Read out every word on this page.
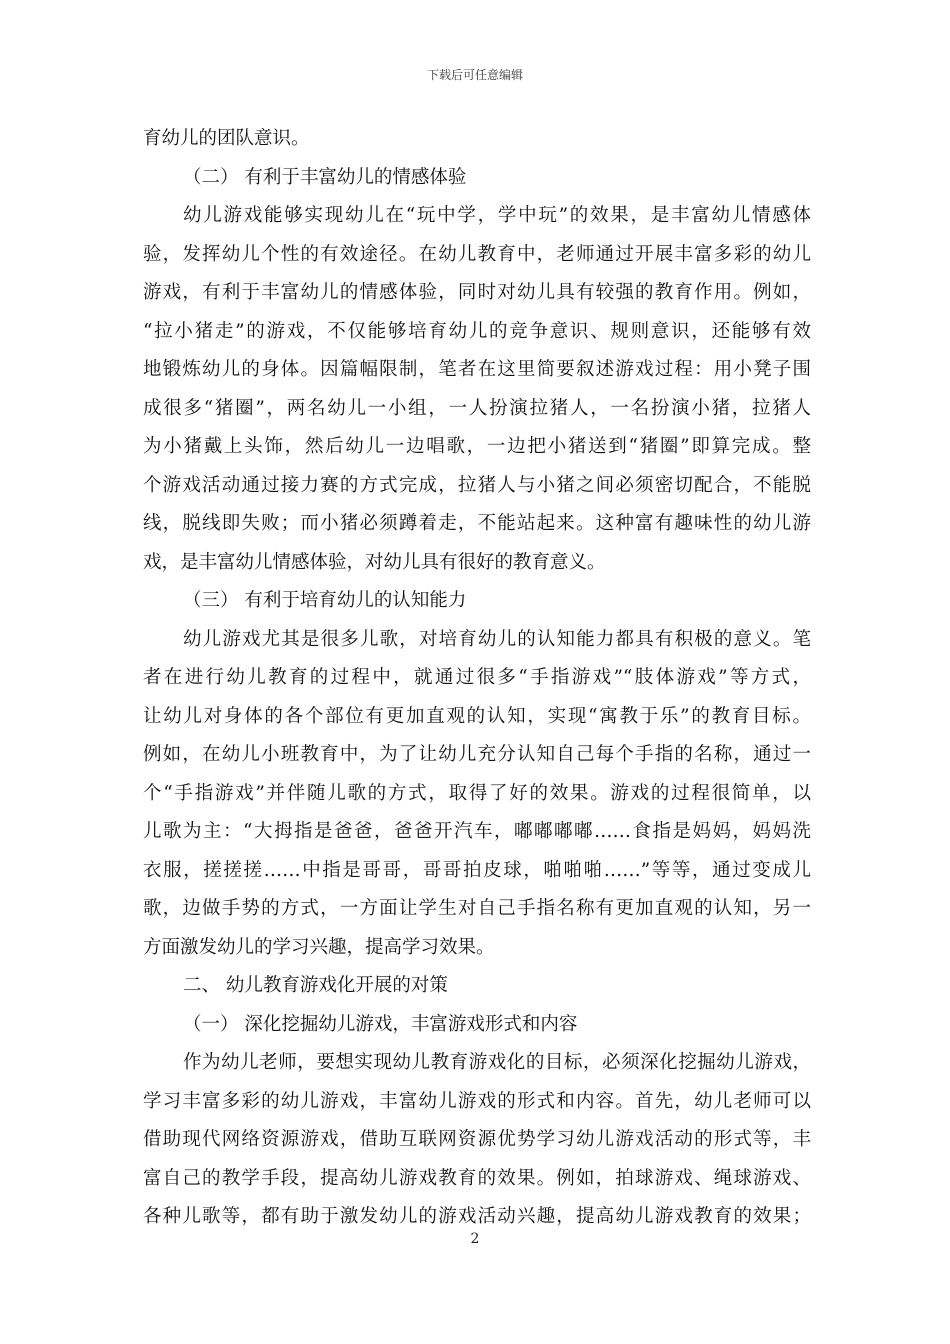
下载后可任意编辑
育幼儿的团队意识。
（二） 有利于丰富幼儿的情感体验
幼儿游戏能够实现幼儿在“玩中学，学中玩”的效果，是丰富幼儿情感体
验，发挥幼儿个性的有效途径。在幼儿教育中，老师通过开展丰富多彩的幼儿
游戏，有利于丰富幼儿的情感体验，同时对幼儿具有较强的教育作用。例如，
“拉小猪走”的游戏，不仅能够培育幼儿的竞争意识、规则意识，还能够有效
地锻炼幼儿的身体。因篇幅限制，笔者在这里简要叙述游戏过程：用小凳子围
成很多“猪圈”，两名幼儿一小组，一人扮演拉猪人，一名扮演小猪，拉猪人
为小猪戴上头饰，然后幼儿一边唱歌，一边把小猪送到“猪圈”即算完成。整
个游戏活动通过接力赛的方式完成，拉猪人与小猪之间必须密切配合，不能脱
线，脱线即失败；而小猪必须蹲着走，不能站起来。这种富有趣味性的幼儿游
戏，是丰富幼儿情感体验，对幼儿具有很好的教育意义。
（三） 有利于培育幼儿的认知能力
幼儿游戏尤其是很多儿歌，对培育幼儿的认知能力都具有积极的意义。笔
者在进行幼儿教育的过程中，就通过很多“手指游戏”“肢体游戏”等方式，
让幼儿对身体的各个部位有更加直观的认知，实现“寓教于乐”的教育目标。
例如，在幼儿小班教育中，为了让幼儿充分认知自己每个手指的名称，通过一
个“手指游戏”并伴随儿歌的方式，取得了好的效果。游戏的过程很简单，以
儿歌为主：“大拇指是爸爸，爸爸开汽车，嘟嘟嘟嘟……食指是妈妈，妈妈洗
衣服，搓搓搓……中指是哥哥，哥哥拍皮球，啪啪啪……”等等，通过变成儿
歌，边做手势的方式，一方面让学生对自己手指名称有更加直观的认知，另一
方面激发幼儿的学习兴趣，提高学习效果。
二、 幼儿教育游戏化开展的对策
（一） 深化挖掘幼儿游戏，丰富游戏形式和内容
作为幼儿老师，要想实现幼儿教育游戏化的目标，必须深化挖掘幼儿游戏，
学习丰富多彩的幼儿游戏，丰富幼儿游戏的形式和内容。首先，幼儿老师可以
借助现代网络资源游戏，借助互联网资源优势学习幼儿游戏活动的形式等，丰
富自己的教学手段，提高幼儿游戏教育的效果。例如，拍球游戏、绳球游戏、
各种儿歌等，都有助于激发幼儿的游戏活动兴趣，提高幼儿游戏教育的效果；
2
